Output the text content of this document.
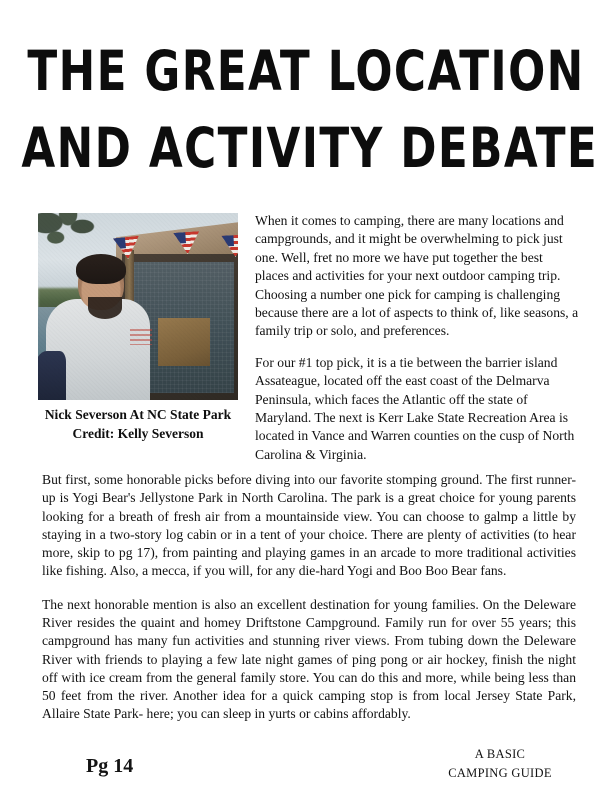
THE GREAT LOCATION
AND ACTIVITY DEBATE
Nick Severson At NC State Park
Credit: Kelly Severson

When it comes to camping, there are many locations and campgrounds, and it might be overwhelming to pick just one. Well, fret no more we have put together the best places and activities for your next outdoor camping trip. Choosing a number one pick for camping is challenging because there are a lot of aspects to think of, like seasons, a family trip or solo, and preferences.

For our #1 top pick, it is a tie between the barrier island Assateague, located off the east coast of the Delmarva Peninsula, which faces the Atlantic off the state of Maryland. The next is Kerr Lake State Recreation Area is located in Vance and Warren counties on the cusp of North Carolina & Virginia.

But first, some honorable picks before diving into our favorite stomping ground. The first runner-up is Yogi Bear's Jellystone Park in North Carolina. The park is a great choice for young parents looking for a breath of fresh air from a mountainside view. You can choose to galmp a little by staying in a two-story log cabin or in a tent of your choice. There are plenty of activities (to hear more, skip to pg 17), from painting and playing games in an arcade to more traditional activities like fishing. Also, a mecca, if you will, for any die-hard Yogi and Boo Boo Bear fans.

The next honorable mention is also an excellent destination for young families. On the Deleware River resides the quaint and homey Driftstone Campground. Family run for over 55 years; this campground has many fun activities and stunning river views. From tubing down the Deleware River with friends to playing a few late night games of ping pong or air hockey, finish the night off with ice cream from the general family store. You can do this and more, while being less than 50 feet from the river. Another idea for a quick camping stop is from local Jersey State Park, Allaire State Park- here; you can sleep in yurts or cabins affordably.

Pg 14
A BASIC
CAMPING GUIDE
